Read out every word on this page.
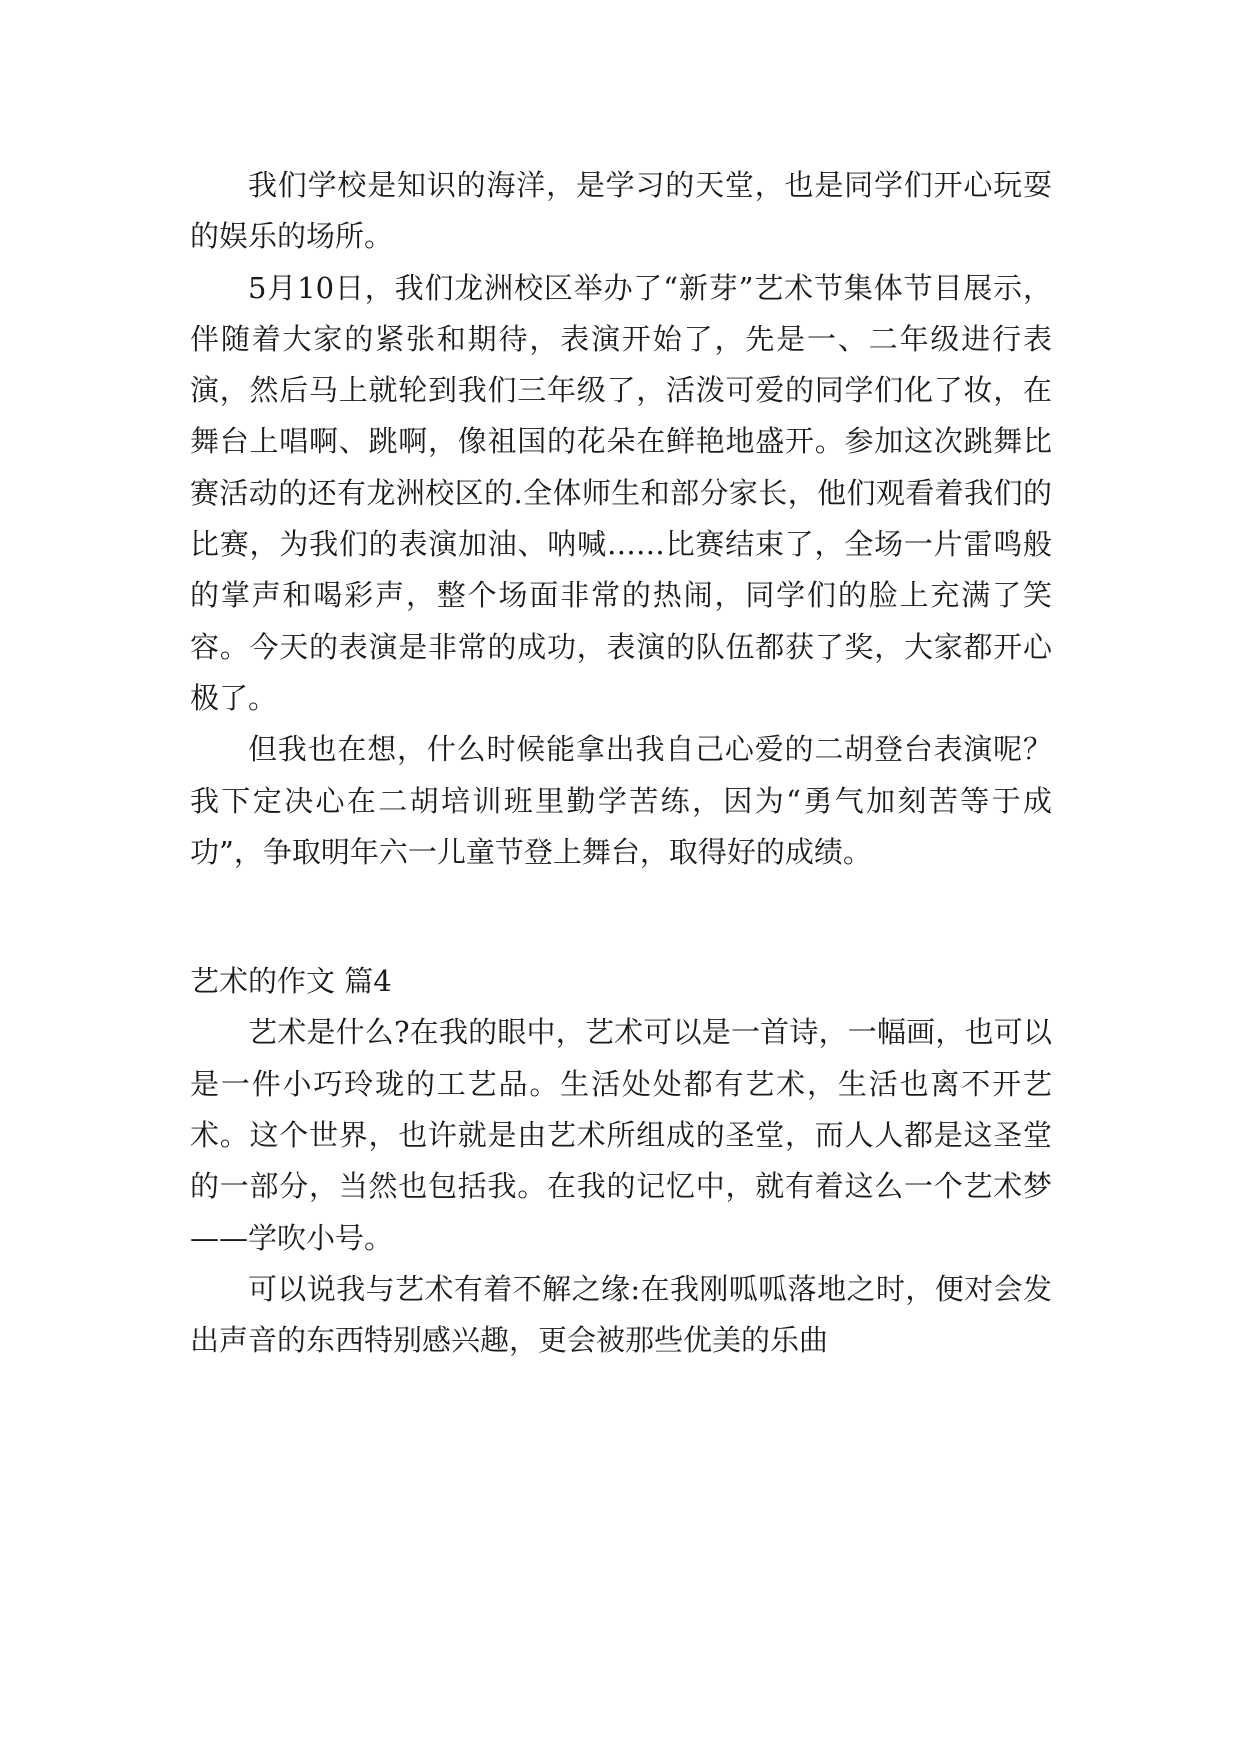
我们学校是知识的海洋，是学习的天堂，也是同学们开心玩耍的娱乐的场所。

5月10日，我们龙洲校区举办了“新芽”艺术节集体节目展示，伴随着大家的紧张和期待，表演开始了，先是一、二年级进行表演，然后马上就轮到我们三年级了，活泼可爱的同学们化了妆，在舞台上唱啊、跳啊，像祖国的花朵在鲜艳地盛开。参加这次跳舞比赛活动的还有龙洲校区的.全体师生和部分家长，他们观看着我们的比赛，为我们的表演加油、呐喊……比赛结束了，全场一片雷鸣般的掌声和喝彩声，整个场面非常的热闹，同学们的脸上充满了笑容。今天的表演是非常的成功，表演的队伍都获了奖，大家都开心极了。

但我也在想，什么时候能拿出我自己心爱的二胡登台表演呢？我下定决心在二胡培训班里勤学苦练，因为“勇气加刻苦等于成功”，争取明年六一儿童节登上舞台，取得好的成绩。

艺术的作文 篇4

艺术是什么?在我的眼中，艺术可以是一首诗，一幅画，也可以是一件小巧玲珑的工艺品。生活处处都有艺术，生活也离不开艺术。这个世界，也许就是由艺术所组成的圣堂，而人人都是这圣堂的一部分，当然也包括我。在我的记忆中，就有着这么一个艺术梦——学吹小号。

可以说我与艺术有着不解之缘:在我刚呱呱落地之时，便对会发出声音的东西特别感兴趣，更会被那些优美的乐曲
